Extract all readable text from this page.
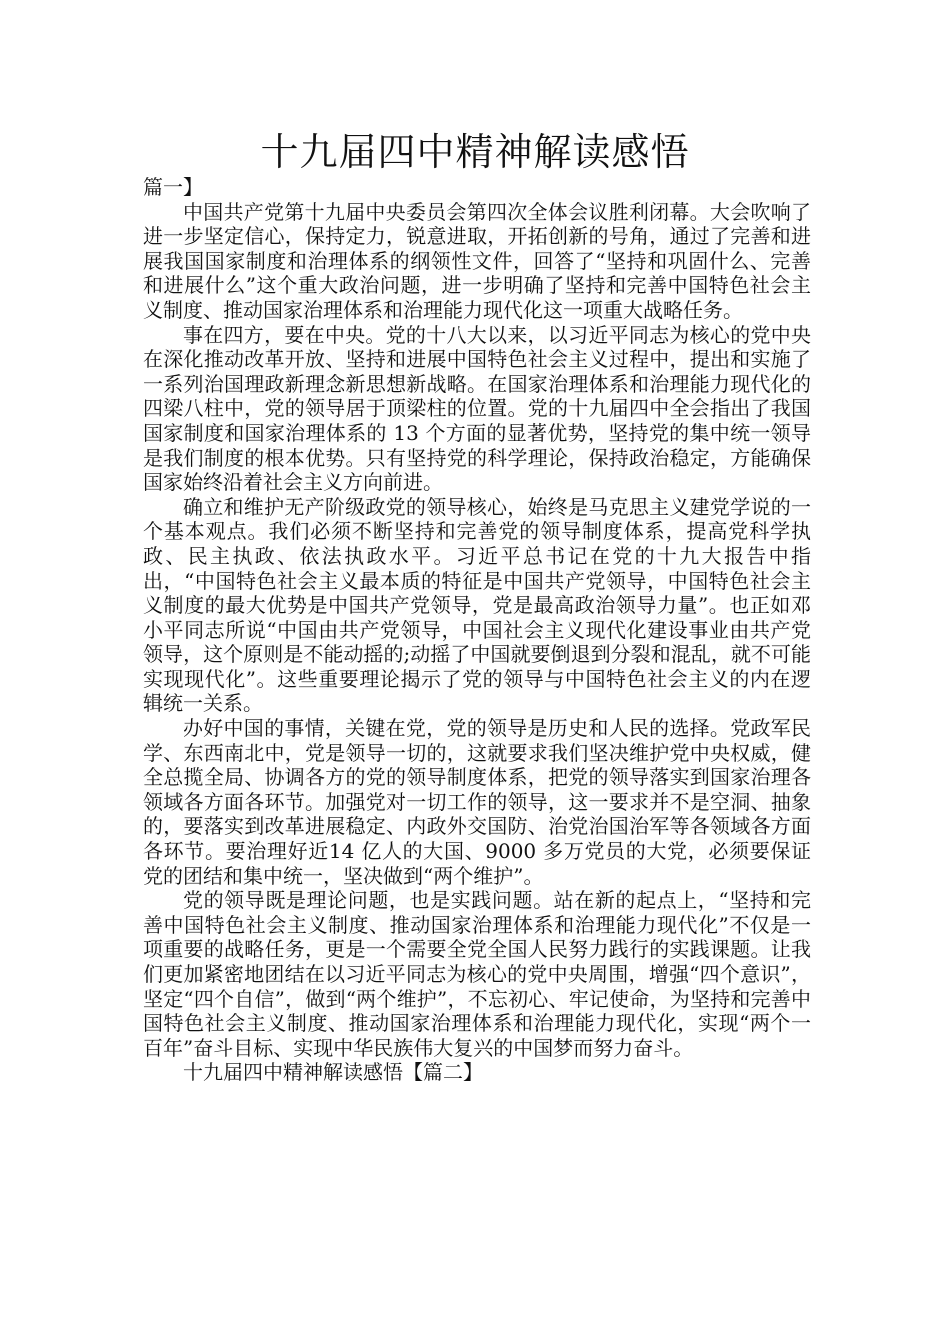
十九届四中精神解读感悟

篇一】

中国共产党第十九届中央委员会第四次全体会议胜利闭幕。大会吹响了进一步坚定信心，保持定力，锐意进取，开拓创新的号角，通过了完善和进展我国国家制度和治理体系的纲领性文件，回答了“坚持和巩固什么、完善和进展什么”这个重大政治问题，进一步明确了坚持和完善中国特色社会主义制度、推动国家治理体系和治理能力现代化这一项重大战略任务。

事在四方，要在中央。党的十八大以来，以习近平同志为核心的党中央在深化推动改革开放、坚持和进展中国特色社会主义过程中，提出和实施了一系列治国理政新理念新思想新战略。在国家治理体系和治理能力现代化的四梁八柱中，党的领导居于顶梁柱的位置。党的十九届四中全会指出了我国国家制度和国家治理体系的 13 个方面的显著优势，坚持党的集中统一领导是我们制度的根本优势。只有坚持党的科学理论，保持政治稳定，方能确保国家始终沿着社会主义方向前进。

确立和维护无产阶级政党的领导核心，始终是马克思主义建党学说的一个基本观点。我们必须不断坚持和完善党的领导制度体系，提高党科学执政、民主执政、依法执政水平。习近平总书记在党的十九大报告中指出，“中国特色社会主义最本质的特征是中国共产党领导，中国特色社会主义制度的最大优势是中国共产党领导，党是最高政治领导力量”。也正如邓小平同志所说“中国由共产党领导，中国社会主义现代化建设事业由共产党领导，这个原则是不能动摇的;动摇了中国就要倒退到分裂和混乱，就不可能实现现代化”。这些重要理论揭示了党的领导与中国特色社会主义的内在逻辑统一关系。

办好中国的事情，关键在党，党的领导是历史和人民的选择。党政军民学、东西南北中，党是领导一切的，这就要求我们坚决维护党中央权威，健全总揽全局、协调各方的党的领导制度体系，把党的领导落实到国家治理各领域各方面各环节。加强党对一切工作的领导，这一要求并不是空洞、抽象的，要落实到改革进展稳定、内政外交国防、治党治国治军等各领域各方面各环节。要治理好近14 亿人的大国、9000 多万党员的大党，必须要保证党的团结和集中统一，坚决做到“两个维护”。

党的领导既是理论问题，也是实践问题。站在新的起点上，“坚持和完善中国特色社会主义制度、推动国家治理体系和治理能力现代化”不仅是一项重要的战略任务，更是一个需要全党全国人民努力践行的实践课题。让我们更加紧密地团结在以习近平同志为核心的党中央周围，增强“四个意识”，坚定“四个自信”，做到“两个维护”，不忘初心、牢记使命，为坚持和完善中国特色社会主义制度、推动国家治理体系和治理能力现代化，实现“两个一百年”奋斗目标、实现中华民族伟大复兴的中国梦而努力奋斗。

十九届四中精神解读感悟【篇二】
